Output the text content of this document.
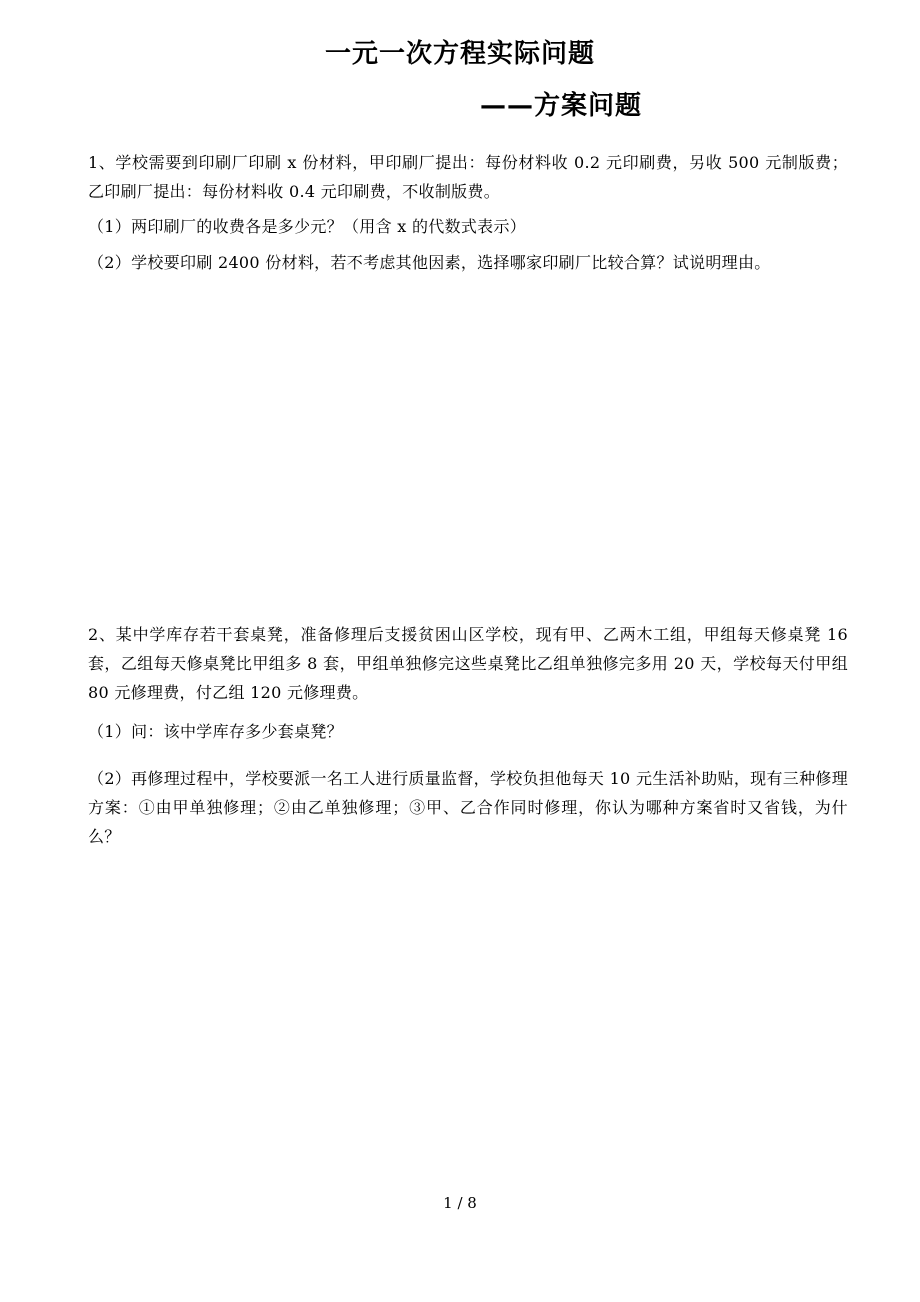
一元一次方程实际问题
——方案问题
1、学校需要到印刷厂印刷 x 份材料，甲印刷厂提出：每份材料收 0.2 元印刷费，另收 500 元制版费；乙印刷厂提出：每份材料收 0.4 元印刷费，不收制版费。
（1）两印刷厂的收费各是多少元？（用含 x 的代数式表示）
（2）学校要印刷 2400 份材料，若不考虑其他因素，选择哪家印刷厂比较合算？试说明理由。
2、某中学库存若干套桌凳，准备修理后支援贫困山区学校，现有甲、乙两木工组，甲组每天修桌凳 16 套，乙组每天修桌凳比甲组多 8 套，甲组单独修完这些桌凳比乙组单独修完多用 20 天，学校每天付甲组 80 元修理费，付乙组 120 元修理费。
（1）问：该中学库存多少套桌凳？
（2）再修理过程中，学校要派一名工人进行质量监督，学校负担他每天 10 元生活补助贴，现有三种修理方案：①由甲单独修理；②由乙单独修理；③甲、乙合作同时修理，你认为哪种方案省时又省钱，为什么？
1 / 8
